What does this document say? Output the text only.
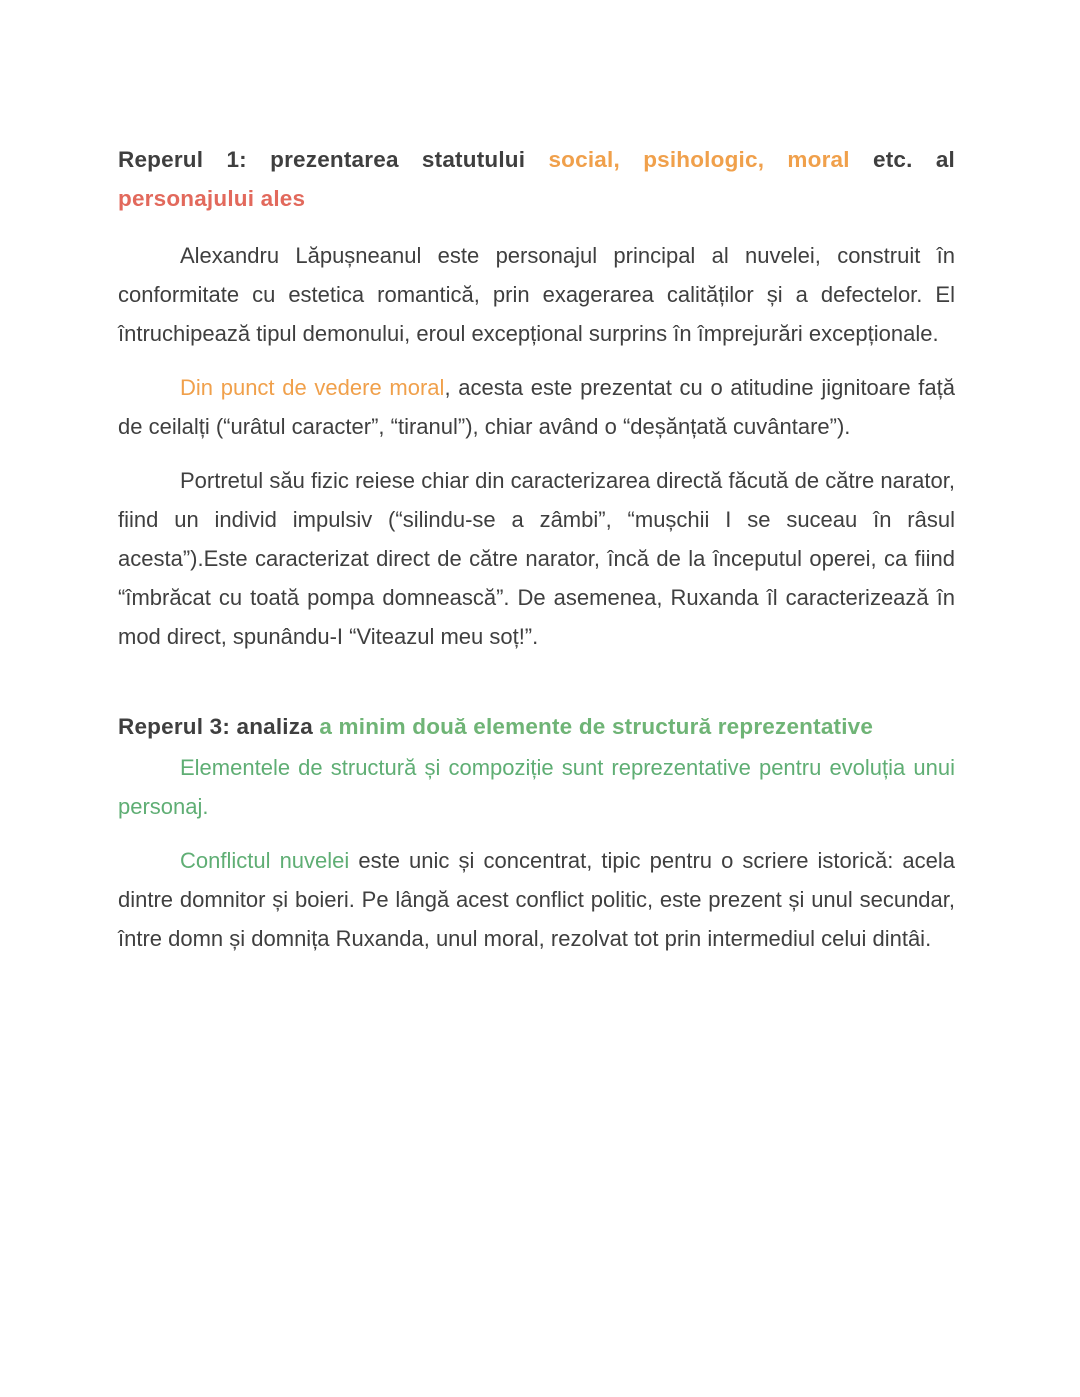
Reperul 1: prezentarea statutului social, psihologic, moral etc. al personajului ales

Alexandru Lăpușneanul este personajul principal al nuvelei, construit în conformitate cu estetica romantică, prin exagerarea calităților și a defectelor. El întruchipează tipul demonului, eroul excepțional surprins în împrejurări excepționale.

Din punct de vedere moral, acesta este prezentat cu o atitudine jignitoare față de ceilalți (“urâtul caracter”, “tiranul”), chiar având o “deșănțată cuvântare”).

Portretul său fizic reiese chiar din caracterizarea directă făcută de către narator, fiind un individ impulsiv (“silindu-se a zâmbi”, “mușchii I se suceau în râsul acesta”).Este caracterizat direct de către narator, încă de la începutul operei, ca fiind “îmbrăcat cu toată pompa domnească”. De asemenea, Ruxanda îl caracterizează în mod direct, spunându-I “Viteazul meu soț!”.

Reperul 3: analiza a minim două elemente de structură reprezentative

Elementele de structură și compoziție sunt reprezentative pentru evoluția unui personaj.

Conflictul nuvelei este unic și concentrat, tipic pentru o scriere istorică: acela dintre domnitor și boieri. Pe lângă acest conflict politic, este prezent și unul secundar, între domn și domnița Ruxanda, unul moral, rezolvat tot prin intermediul celui dintâi.
